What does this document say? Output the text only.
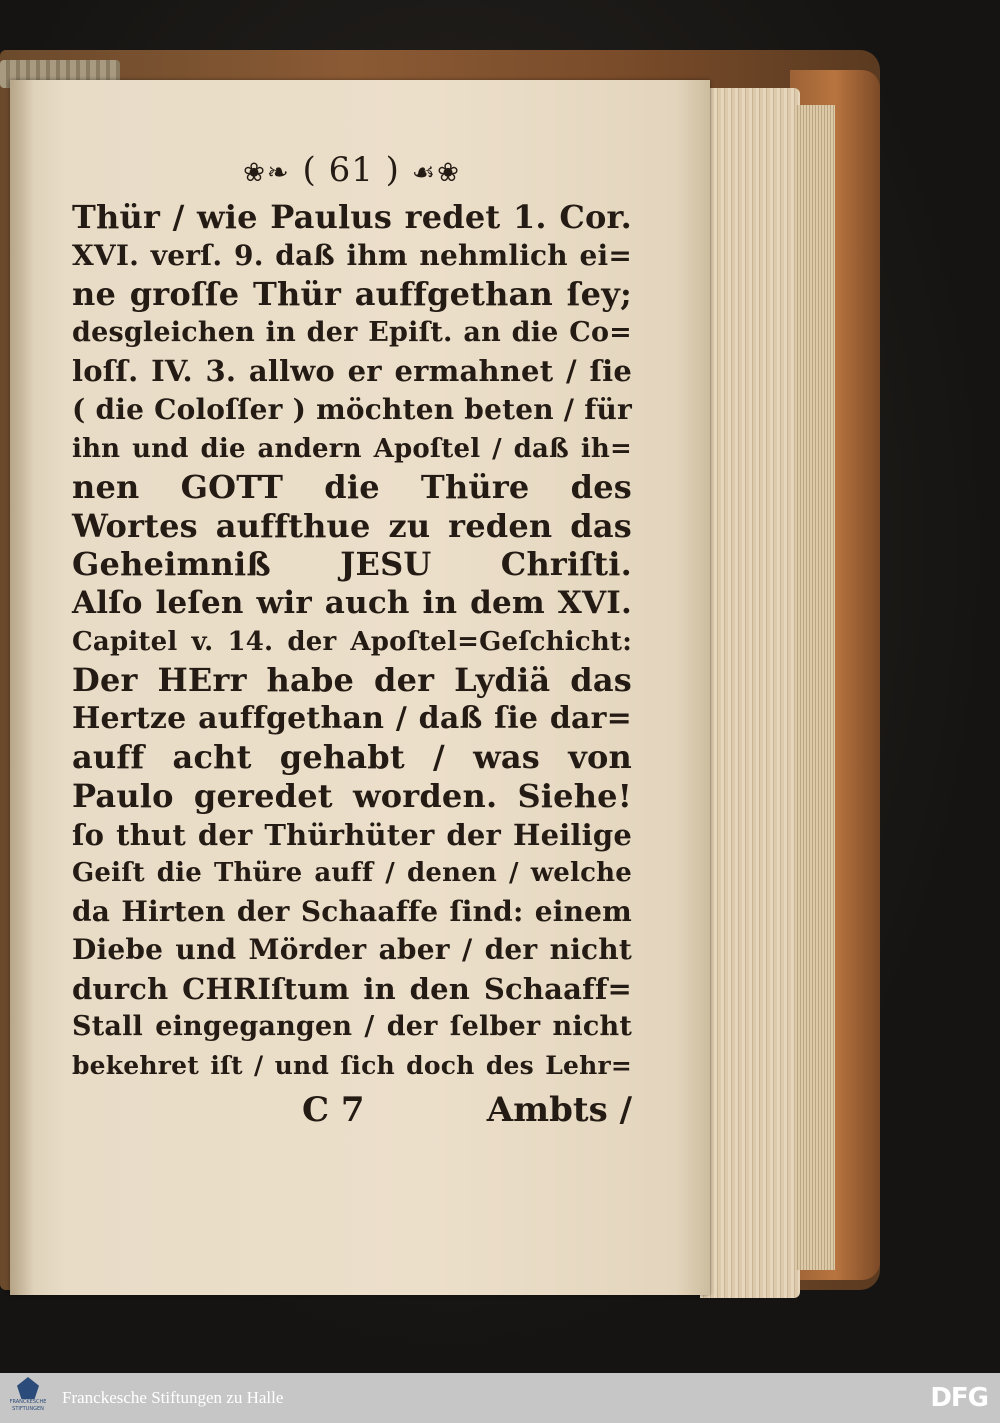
❀❧ ( 61 ) ☙❀
Thür / wie Paulus redet 1. Cor.
XVI. verſ. 9. daß ihm nehmlich ei=
ne groſſe Thür auffgethan ſey;
desgleichen in der Epiſt. an die Co=
loſſ. IV. 3. allwo er ermahnet / ſie
( die Coloſſer ) möchten beten / für
ihn und die andern Apoſtel / daß ih=
nen GOTT die Thüre des
Wortes auffthue zu reden das
Geheimniß JESU Chriſti.
Alſo leſen wir auch in dem XVI.
Capitel v. 14. der Apoſtel=Geſchicht:
Der HErr habe der Lydiä das
Hertze auffgethan / daß ſie dar=
auff acht gehabt / was von
Paulo geredet worden. Siehe!
ſo thut der Thürhüter der Heilige
Geiſt die Thüre auff / denen / welche
da Hirten der Schaaffe ſind: einem
Diebe und Mörder aber / der nicht
durch CHRIſtum in den Schaaff=
Stall eingegangen / der ſelber nicht
bekehret iſt / und ſich doch des Lehr=
C 7	Ambts /
FRANCKESCHE STIFTUNGEN
Franckesche Stiftungen zu Halle	DFG
